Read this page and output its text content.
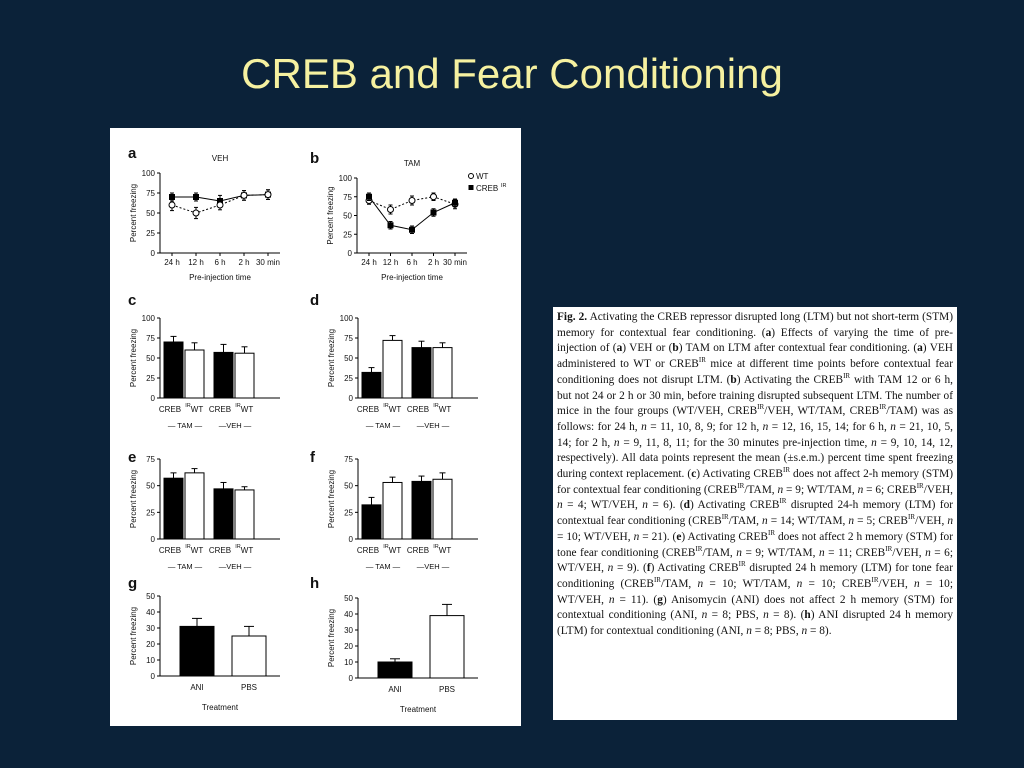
CREB and Fear Conditioning
a
0
25
50
75
100
Percent freezing
VEH
Pre-injection time
24 h 12 h 6 h 2 h 30 min
b
0
25
50
75
100
Percent freezing
TAM
Pre-injection time
24 h 12 h 6 h 2 h 30 min
WT
CREB IR
c
0
25
50
75
100
Percent freezing
CREB IR CREB IR
WT	WT
— TAM — —VEH —
d
0
25
50
75
100
Percent freezing
CREB IR CREB IR
WT	WT
— TAM — —VEH —
e
0
25
50
75
Percent freezing
CREB IR CREB IR
WT	WT
— TAM — —VEH —
f
0
25
50
75
Percent freezing
CREB IR CREB IR
WT	WT
— TAM — —VEH —
g
0
10
20
30
40
50
Percent freezing
Treatment
ANI	PBS
h
0
10
20
30
40
50
Percent freezing
Treatment
ANI	PBS
Fig. 2. Activating the CREB repressor disrupted long (LTM) but not short-term (STM) memory for contextual fear conditioning. (a) Effects of varying the time of pre-injection of (a) VEH or (b) TAM on LTM after contextual fear conditioning. (a) VEH administered to WT or $CREB^{IR}$ mice at different time points before contextual fear conditioning does not disrupt LTM. (b) Activating the $CREB^{IR}$ with TAM 12 or 6 h, but not 24 or 2 h or 30 min, before training disrupted subsequent LTM. The number of mice in the four groups (WT/VEH, $CREB^{IR}$/VEH, WT/TAM, $CREB^{IR}/TAM$) was as follows: for 24 h, n = 11, 10, 8, 9; for 12 h, n = 12, 16, 15, 14; for 6 h, n = 21, 10, 5, 14; for 2 h, n = 9, 11, 8, 11; for the 30 minutes pre-injection time, n = 9, 10, 14, 12, respectively). All data points represent the mean (±s.e.m.) percent time spent freezing during context replacement. (c) Activating $CREB^{IR}$ does not affect 2-h memory (STM) for contextual fear conditioning ($CREB^{IR}$/TAM, n = 9; WT/TAM, n = 6; $CREB^{IR}$/VEH, n = 4; WT/VEH, n = 6). (d) Activating $CREB^{IR}$ disrupted 24-h memory (LTM) for contextual fear conditioning ($CREB^{IR}$/TAM, n = 14; WT/TAM, n = 5; $CREB^{IR}$/VEH, n = 10; WT/VEH, n = 21). (e) Activating $CREB^{IR}$ does not affect 2 h memory (STM) for tone fear conditioning ($CREB^{IR}$/TAM, n = 9; WT/TAM, n = 11; $CREB^{IR}$/VEH, n = 6; WT/VEH, n = 9). (f) Activating $CREB^{IR}$ disrupted 24 h memory (LTM) for tone fear conditioning ($CREB^{IR}$/TAM, n = 10; WT/TAM, n = 10; $CREB^{IR}$/VEH, n = 10; WT/VEH, n = 11). (g) Anisomycin (ANI) does not affect 2 h memory (STM) for contextual conditioning (ANI, n = 8; PBS, n = 8). (h) ANI disrupted 24 h memory (LTM) for contextual conditioning (ANI, n = 8; PBS, n = 8).
